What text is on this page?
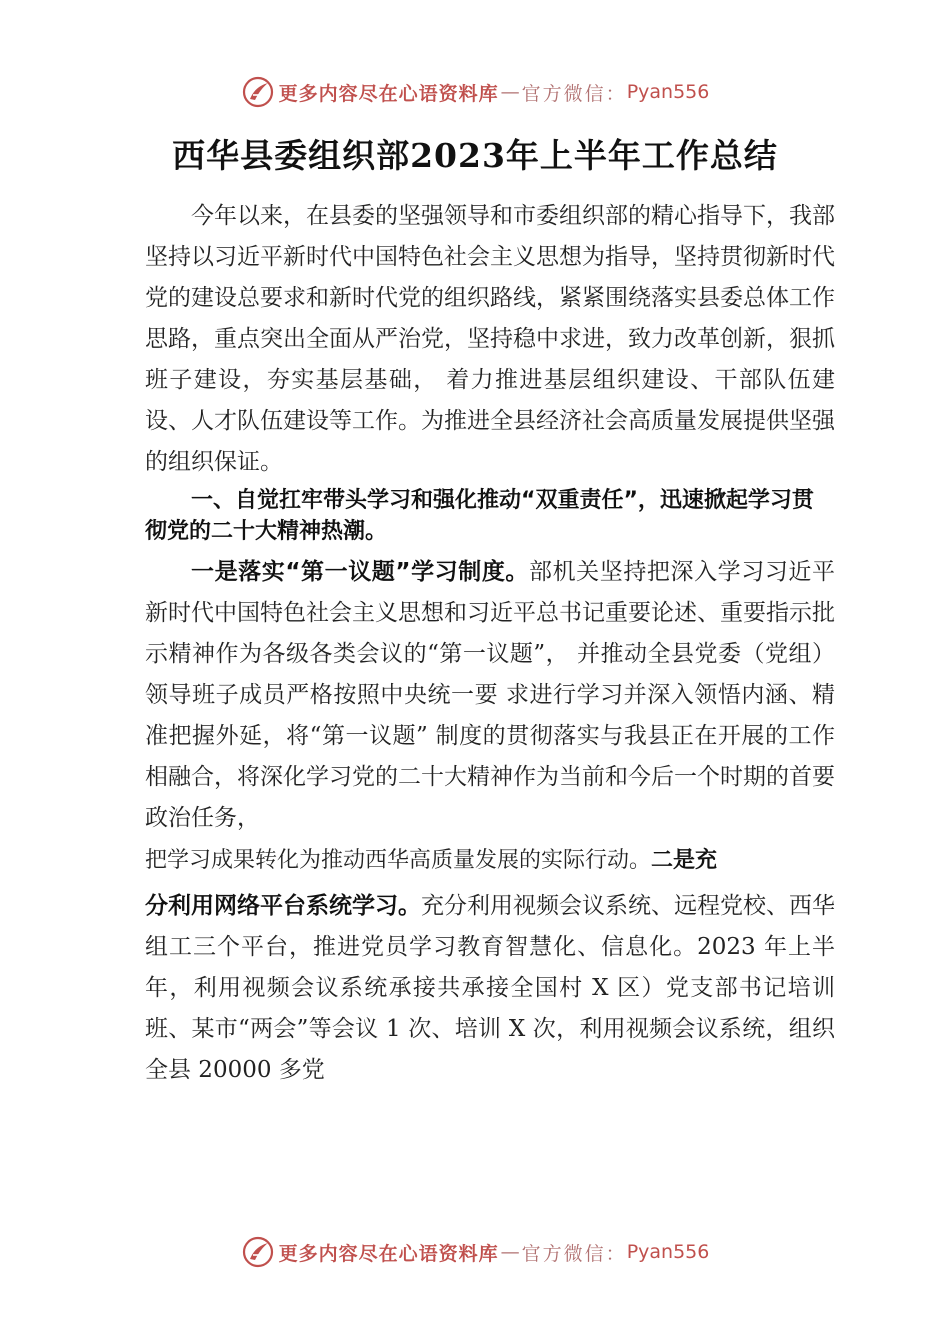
更多内容尽在心语资料库 — 官方微信： Pyan556
西华县委组织部2023年上半年工作总结
今年以来，在县委的坚强领导和市委组织部的精心指导下，我部坚持以习近平新时代中国特色社会主义思想为指导，坚持贯彻新时代党的建设总要求和新时代党的组织路线，紧紧围绕落实县委总体工作思路，重点突出全面从严治党，坚持稳中求进，致力改革创新，狠抓班子建设，夯实基层基础， 着力推进基层组织建设、干部队伍建设、人才队伍建设等工作。为推进全县经济社会高质量发展提供坚强的组织保证。
一、自觉扛牢带头学习和强化推动“双重责任”，迅速掀起学习贯彻党的二十大精神热潮。
一是落实“第一议题”学习制度。部机关坚持把深入学习习近平新时代中国特色社会主义思想和习近平总书记重要论述、重要指示批示精神作为各级各类会议的“第一议题”， 并推动全县党委（党组）领导班子成员严格按照中央统一要 求进行学习并深入领悟内涵、精准把握外延，将“第一议题” 制度的贯彻落实与我县正在开展的工作相融合，将深化学习党的二十大精神作为当前和今后一个时期的首要政治任务，
把学习成果转化为推动西华高质量发展的实际行动。二是充
分利用网络平台系统学习。充分利用视频会议系统、远程党校、西华组工三个平台，推进党员学习教育智慧化、信息化。2023 年上半年，利用视频会议系统承接共承接全国村 X 区）党支部书记培训班、某市“两会”等会议 1 次、培训 X 次，利用视频会议系统，组织全县 20000 多党
更多内容尽在心语资料库 — 官方微信： Pyan556
